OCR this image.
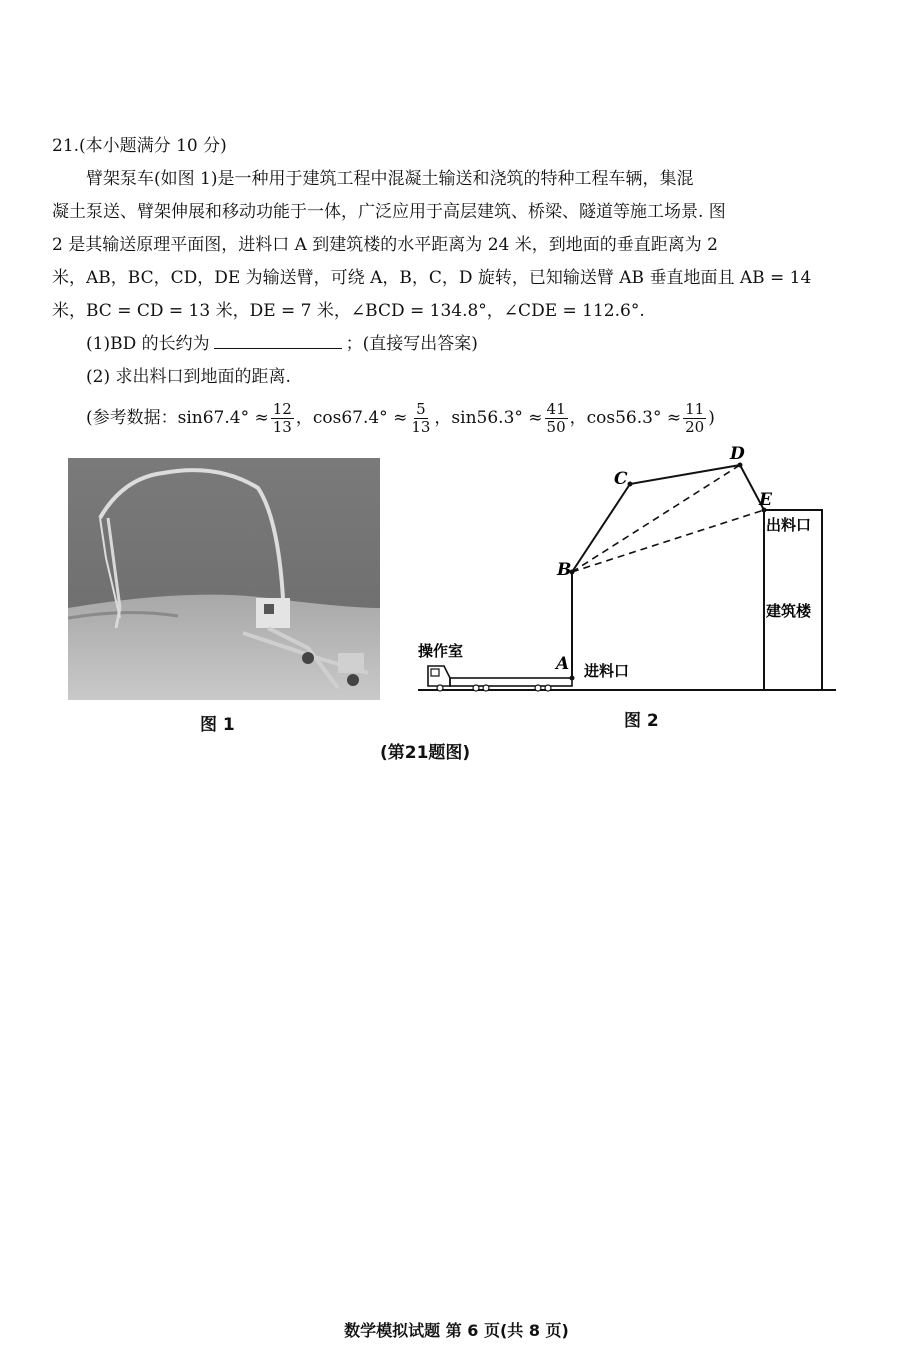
21.(本小题满分 10 分)
臂架泵车(如图 1)是一种用于建筑工程中混凝土输送和浇筑的特种工程车辆，集混
凝土泵送、臂架伸展和移动功能于一体，广泛应用于高层建筑、桥梁、隧道等施工场景. 图
2 是其输送原理平面图，进料口 A 到建筑楼的水平距离为 24 米，到地面的垂直距离为 2
米，AB，BC，CD，DE 为输送臂，可绕 A，B，C，D 旋转，已知输送臂 AB 垂直地面且 AB = 14
米，BC = CD = 13 米，DE = 7 米，∠BCD = 134.8°，∠CDE = 112.6°.
(1)BD 的长约为	；(直接写出答案)
(2) 求出料口到地面的距离.
(参考数据：$\sin 67.4^\circ \approx \frac{12}{13}$ ，$\cos 67.4^\circ \approx \frac{5}{13}$ ，$\sin 56.3^\circ \approx \frac{41}{50}$ ，$\cos 56.3^\circ \approx \frac{11}{20}$ )
B
C
D
E
A
操作室
进料口
出料口
建筑楼
图 1	图 2
(第21题图)
数学模拟试题 第 6 页(共 8 页)
